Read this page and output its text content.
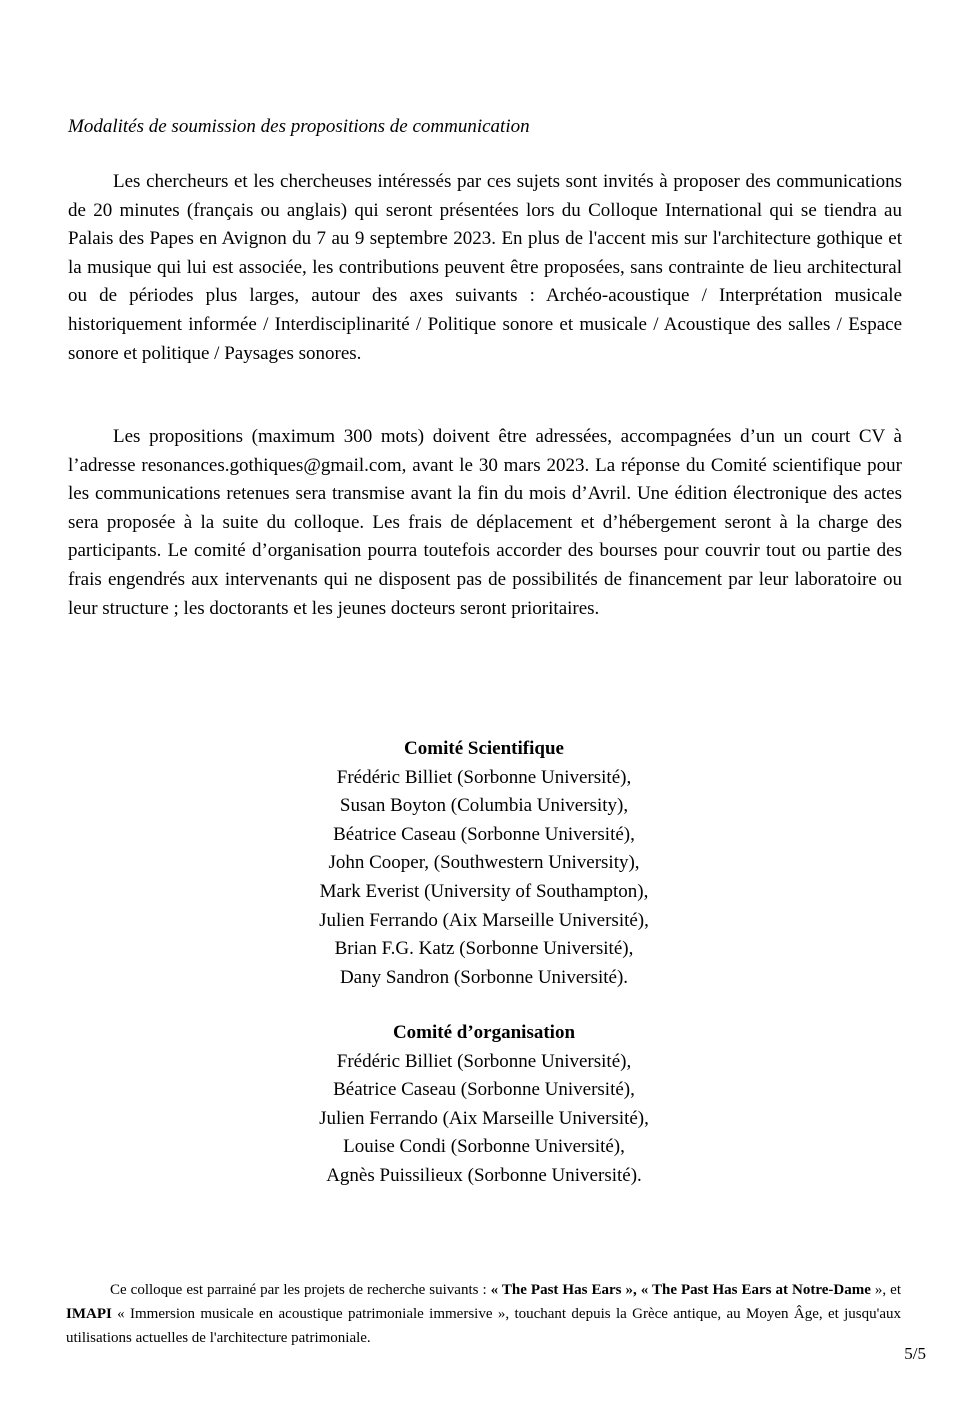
Modalités de soumission des propositions de communication

Les chercheurs et les chercheuses intéressés par ces sujets sont invités à proposer des communications de 20 minutes (français ou anglais) qui seront présentées lors du Colloque International qui se tiendra au Palais des Papes en Avignon du 7 au 9 septembre 2023. En plus de l'accent mis sur l'architecture gothique et la musique qui lui est associée, les contributions peuvent être proposées, sans contrainte de lieu architectural ou de périodes plus larges, autour des axes suivants : Archéo-acoustique / Interprétation musicale historiquement informée / Interdisciplinarité / Politique sonore et musicale / Acoustique des salles / Espace sonore et politique / Paysages sonores.

Les propositions (maximum 300 mots) doivent être adressées, accompagnées d’un un court CV à l’adresse resonances.gothiques@gmail.com, avant le 30 mars 2023. La réponse du Comité scientifique pour les communications retenues sera transmise avant la fin du mois d’Avril. Une édition électronique des actes sera proposée à la suite du colloque. Les frais de déplacement et d’hébergement seront à la charge des participants. Le comité d’organisation pourra toutefois accorder des bourses pour couvrir tout ou partie des frais engendrés aux intervenants qui ne disposent pas de possibilités de financement par leur laboratoire ou leur structure ; les doctorants et les jeunes docteurs seront prioritaires.

Comité Scientifique
Frédéric Billiet (Sorbonne Université),
Susan Boyton (Columbia University),
Béatrice Caseau (Sorbonne Université),
John Cooper, (Southwestern University),
Mark Everist (University of Southampton),
Julien Ferrando (Aix Marseille Université),
Brian F.G. Katz (Sorbonne Université),
Dany Sandron (Sorbonne Université).
Comité d’organisation
Frédéric Billiet (Sorbonne Université),
Béatrice Caseau (Sorbonne Université),
Julien Ferrando (Aix Marseille Université),
Louise Condi (Sorbonne Université),
Agnès Puissilieux (Sorbonne Université).

Ce colloque est parrainé par les projets de recherche suivants : « The Past Has Ears », « The Past Has Ears at Notre-Dame », et IMAPI « Immersion musicale en acoustique patrimoniale immersive », touchant depuis la Grèce antique, au Moyen Âge, et jusqu'aux utilisations actuelles de l'architecture patrimoniale.

5/5
